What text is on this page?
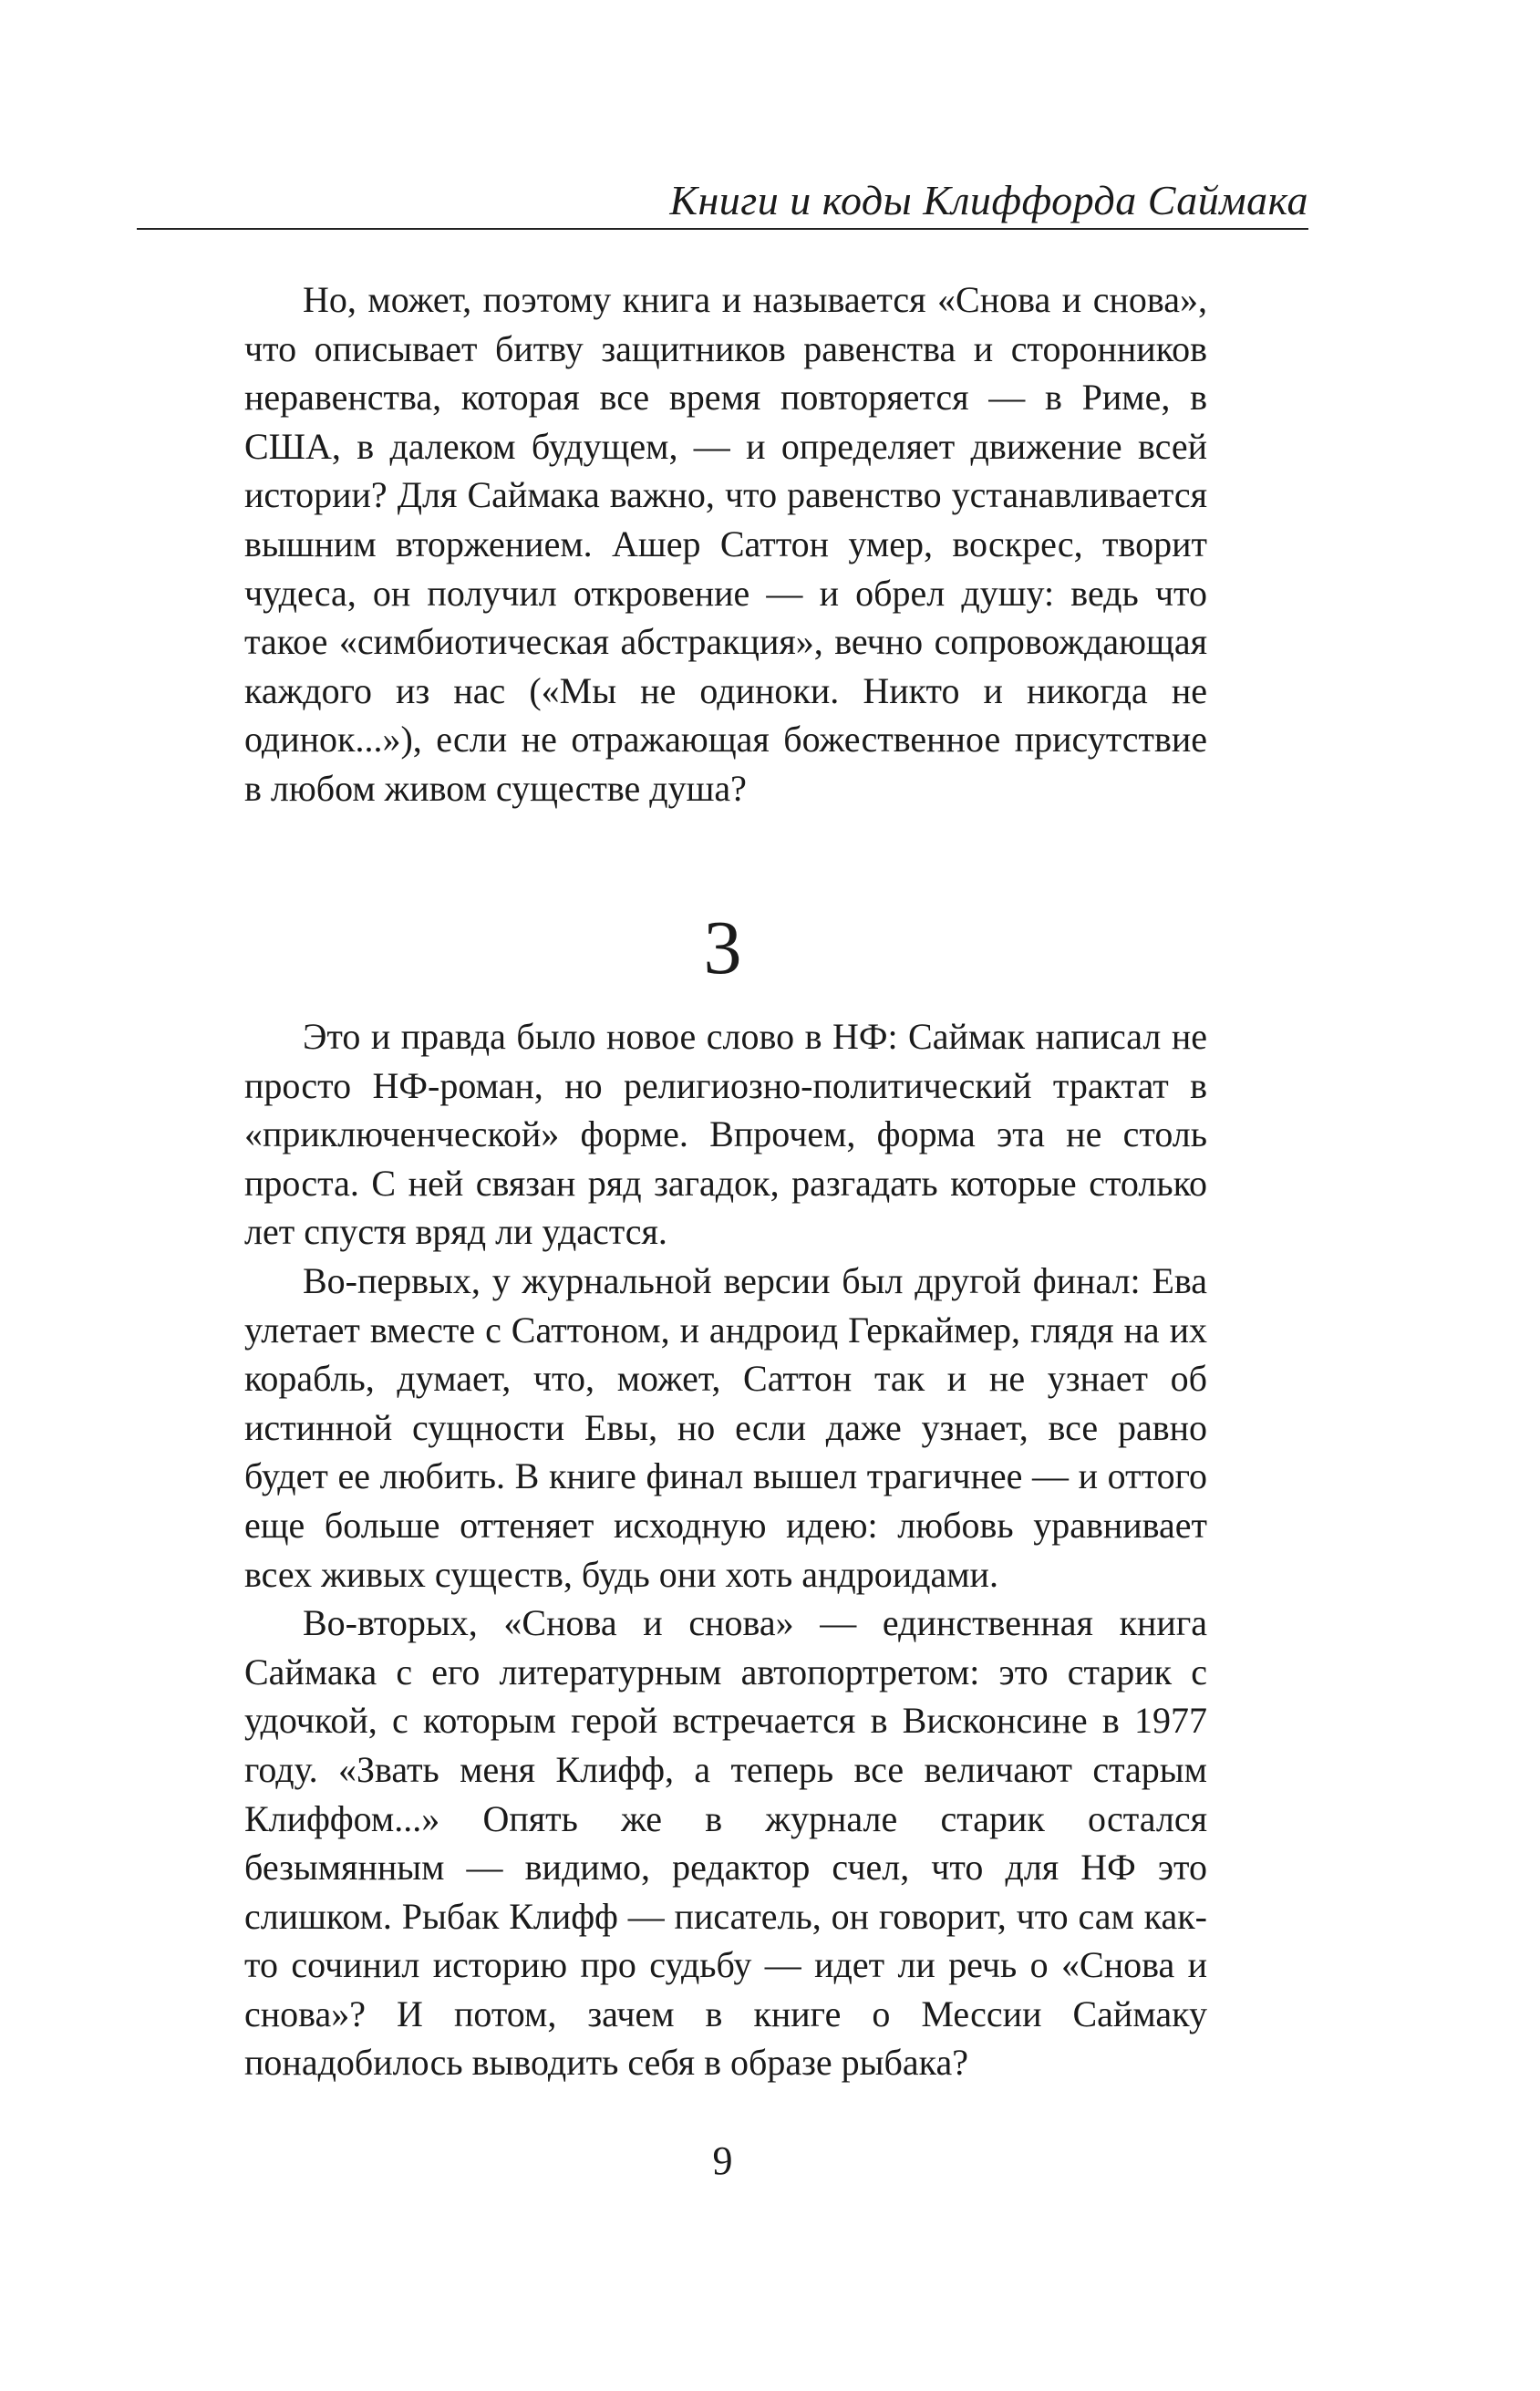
Книги и коды Клиффорда Саймака

Но, может, поэтому книга и называется «Снова и снова», что описывает битву защитников равенства и сторонников неравенства, которая все время повторяется — в Риме, в США, в далеком будущем, — и определяет движение всей истории? Для Саймака важно, что равенство устанавливается вышним вторжением. Ашер Саттон умер, воскрес, творит чудеса, он получил откровение — и обрел душу: ведь что такое «симбиотическая абстракция», вечно сопровождающая каждого из нас («Мы не одиноки. Никто и никогда не одинок...»), если не отражающая божественное присутствие в любом живом существе душа?

3

Это и правда было новое слово в НФ: Саймак написал не просто НФ-роман, но религиозно-политический трактат в «приключенческой» форме. Впрочем, форма эта не столь проста. С ней связан ряд загадок, разгадать которые столько лет спустя вряд ли удастся.

Во-первых, у журнальной версии был другой финал: Ева улетает вместе с Саттоном, и андроид Геркаймер, глядя на их корабль, думает, что, может, Саттон так и не узнает об истинной сущности Евы, но если даже узнает, все равно будет ее любить. В книге финал вышел трагичнее — и оттого еще больше оттеняет исходную идею: любовь уравнивает всех живых существ, будь они хоть андроидами.

Во-вторых, «Снова и снова» — единственная книга Саймака с его литературным автопортретом: это старик с удочкой, с которым герой встречается в Висконсине в 1977 году. «Звать меня Клифф, а теперь все величают старым Клиффом...» Опять же в журнале старик остался безымянным — видимо, редактор счел, что для НФ это слишком. Рыбак Клифф — писатель, он говорит, что сам как-то сочинил историю про судьбу — идет ли речь о «Снова и снова»? И потом, зачем в книге о Мессии Саймаку понадобилось выводить себя в образе рыбака?

9
